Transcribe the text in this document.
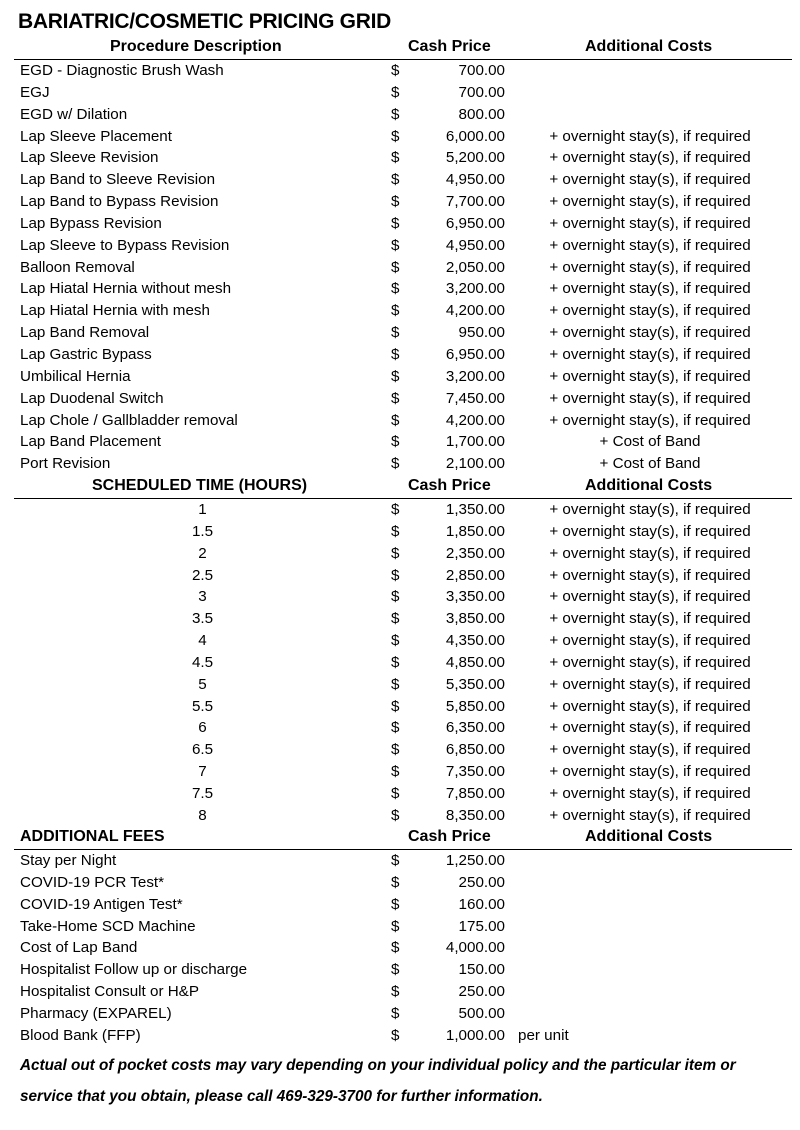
BARIATRIC/COSMETIC PRICING GRID
Procedure Description	Cash Price	Additional Costs
EGD - Diagnostic Brush Wash	$	700.00
EGJ	$	700.00
EGD w/ Dilation	$	800.00
Lap Sleeve Placement	$	6,000.00	+ overnight stay(s), if required
Lap Sleeve Revision	$	5,200.00	+ overnight stay(s), if required
Lap Band to Sleeve Revision	$	4,950.00	+ overnight stay(s), if required
Lap Band to Bypass Revision	$	7,700.00	+ overnight stay(s), if required
Lap Bypass Revision	$	6,950.00	+ overnight stay(s), if required
Lap Sleeve to Bypass Revision	$	4,950.00	+ overnight stay(s), if required
Balloon Removal	$	2,050.00	+ overnight stay(s), if required
Lap Hiatal Hernia without mesh	$	3,200.00	+ overnight stay(s), if required
Lap Hiatal Hernia with mesh	$	4,200.00	+ overnight stay(s), if required
Lap Band Removal	$	950.00	+ overnight stay(s), if required
Lap Gastric Bypass	$	6,950.00	+ overnight stay(s), if required
Umbilical Hernia	$	3,200.00	+ overnight stay(s), if required
Lap Duodenal Switch	$	7,450.00	+ overnight stay(s), if required
Lap Chole / Gallbladder removal	$	4,200.00	+ overnight stay(s), if required
Lap Band Placement	$	1,700.00	+ Cost of Band
Port Revision	$	2,100.00	+ Cost of Band
SCHEDULED TIME (HOURS)	Cash Price	Additional Costs
1	$	1,350.00	+ overnight stay(s), if required
1.5	$	1,850.00	+ overnight stay(s), if required
2	$	2,350.00	+ overnight stay(s), if required
2.5	$	2,850.00	+ overnight stay(s), if required
3	$	3,350.00	+ overnight stay(s), if required
3.5	$	3,850.00	+ overnight stay(s), if required
4	$	4,350.00	+ overnight stay(s), if required
4.5	$	4,850.00	+ overnight stay(s), if required
5	$	5,350.00	+ overnight stay(s), if required
5.5	$	5,850.00	+ overnight stay(s), if required
6	$	6,350.00	+ overnight stay(s), if required
6.5	$	6,850.00	+ overnight stay(s), if required
7	$	7,350.00	+ overnight stay(s), if required
7.5	$	7,850.00	+ overnight stay(s), if required
8	$	8,350.00	+ overnight stay(s), if required
ADDITIONAL FEES	Cash Price	Additional Costs
Stay per Night	$	1,250.00
COVID-19 PCR Test*	$	250.00
COVID-19 Antigen Test*	$	160.00
Take-Home SCD Machine	$	175.00
Cost of Lap Band	$	4,000.00
Hospitalist Follow up or discharge	$	150.00
Hospitalist Consult or H&P	$	250.00
Pharmacy (EXPAREL)	$	500.00
Blood Bank (FFP)	$	1,000.00 per unit
Actual out of pocket costs may vary depending on your individual policy and the particular item or service that you obtain, please call 469-329-3700 for further information.
